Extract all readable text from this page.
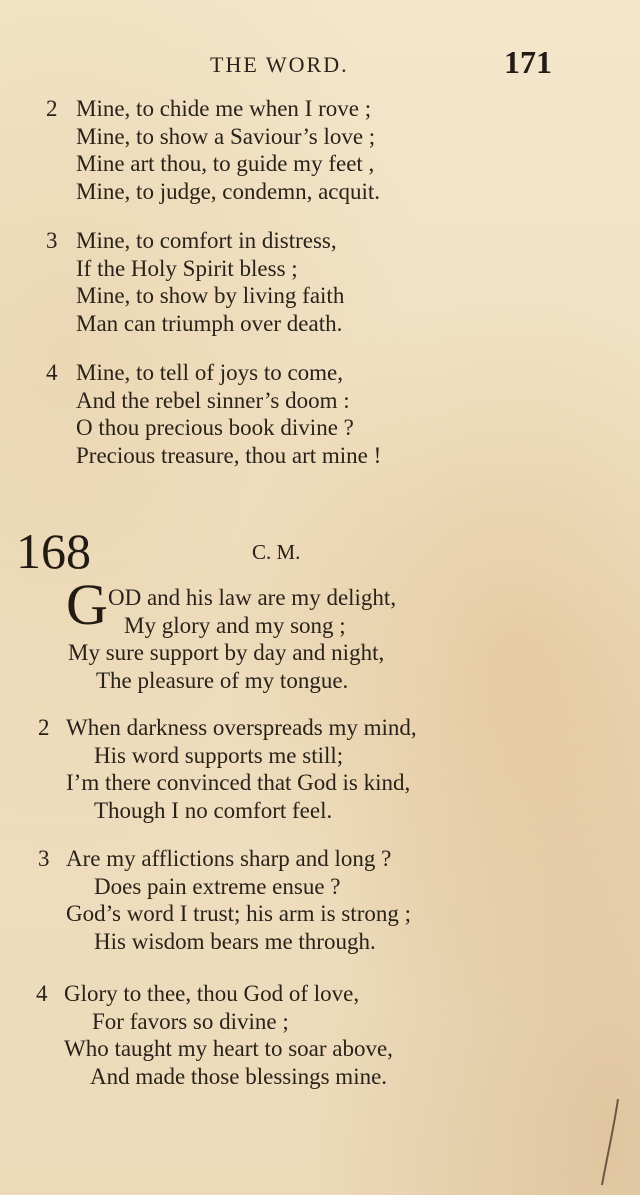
THE WORD.	171
2 Mine, to chide me when I rove ;
Mine, to show a Saviour’s love ;
Mine art thou, to guide my feet ,
Mine, to judge, condemn, acquit.
3 Mine, to comfort in distress,
If the Holy Spirit bless ;
Mine, to show by living faith
Man can triumph over death.
4 Mine, to tell of joys to come,
And the rebel sinner’s doom :
O thou precious book divine ?
Precious treasure, thou art mine !
168	C. M.
G OD and his law are my delight,
My glory and my song ;
My sure support by day and night,
The pleasure of my tongue.
2 When darkness overspreads my mind,
His word supports me still;
I’m there convinced that God is kind,
Though I no comfort feel.
3 Are my afflictions sharp and long ?
Does pain extreme ensue ?
God’s word I trust; his arm is strong ;
His wisdom bears me through.
4 Glory to thee, thou God of love,
For favors so divine ;
Who taught my heart to soar above,
And made those blessings mine.
